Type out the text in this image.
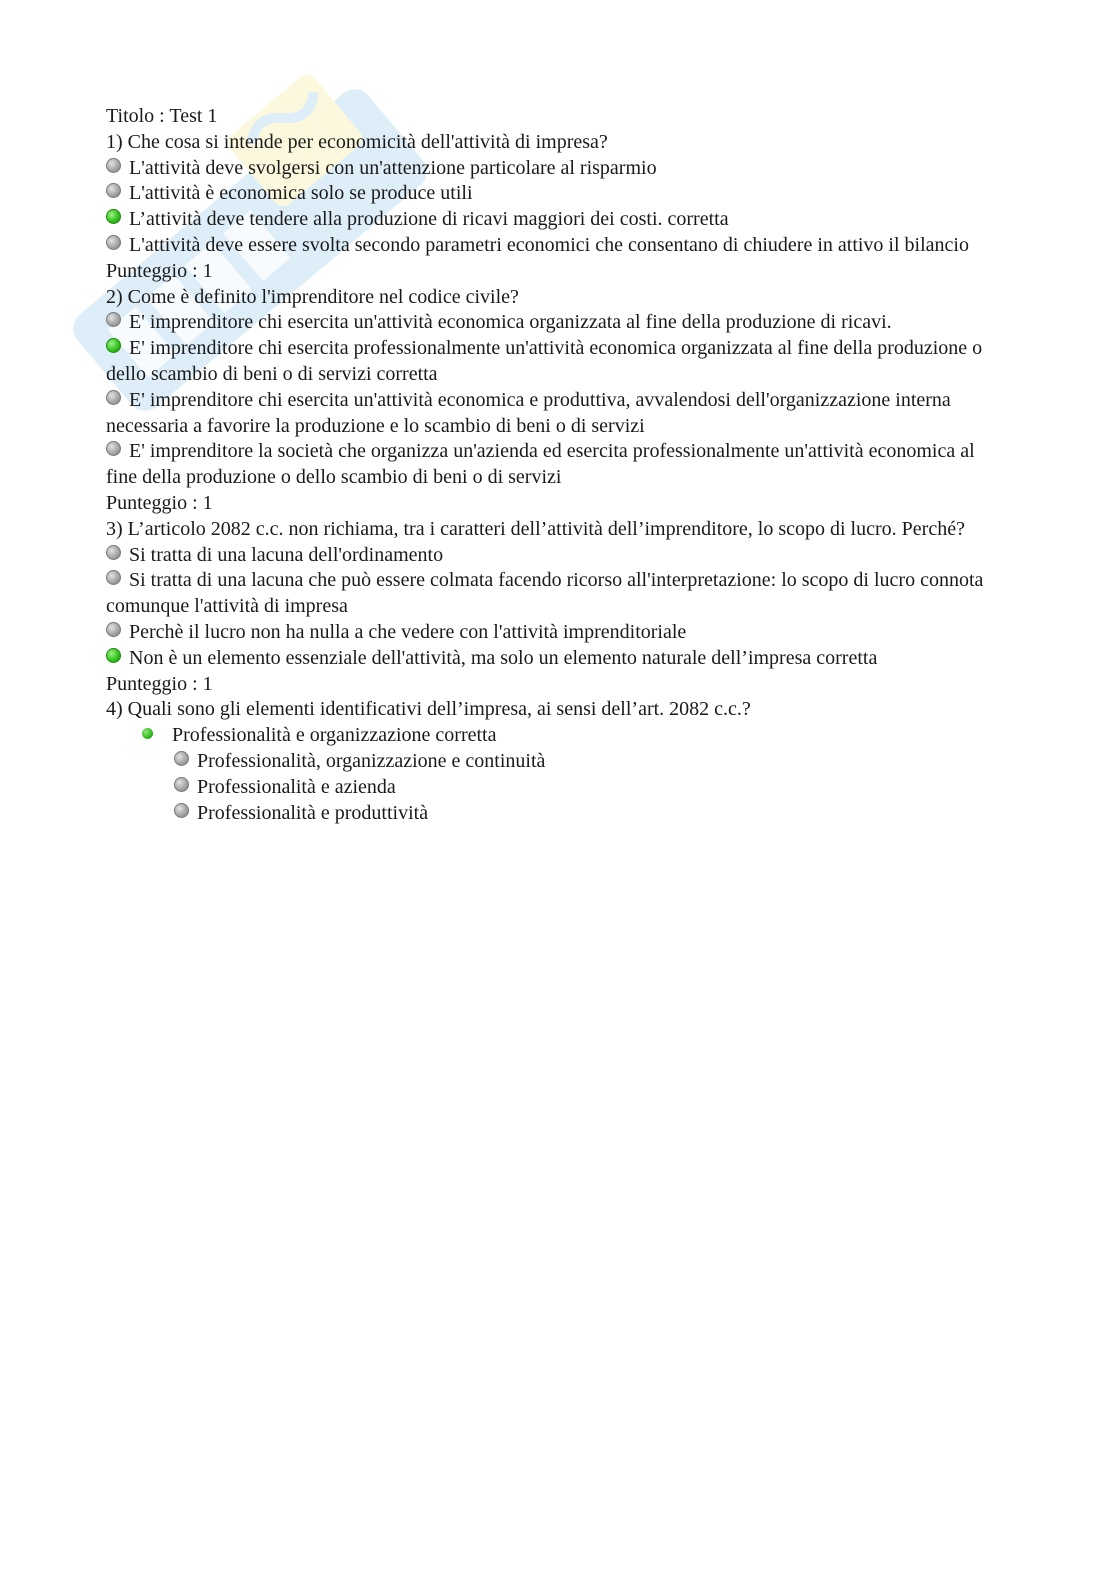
Titolo : Test 1
1) Che cosa si intende per economicità dell'attività di impresa?
L'attività deve svolgersi con un'attenzione particolare al risparmio
L'attività è economica solo se produce utili
L’attività deve tendere alla produzione di ricavi maggiori dei costi. corretta
L'attività deve essere svolta secondo parametri economici che consentano di chiudere in attivo il bilancio
Punteggio : 1
2) Come è definito l'imprenditore nel codice civile?
E' imprenditore chi esercita un'attività economica organizzata al fine della produzione di ricavi.
E' imprenditore chi esercita professionalmente un'attività economica organizzata al fine della produzione o dello scambio di beni o di servizi corretta
E' imprenditore chi esercita un'attività economica e produttiva, avvalendosi dell'organizzazione interna necessaria a favorire la produzione e lo scambio di beni o di servizi
E' imprenditore la società che organizza un'azienda ed esercita professionalmente un'attività economica al fine della produzione o dello scambio di beni o di servizi
Punteggio : 1
3) L’articolo 2082 c.c. non richiama, tra i caratteri dell’attività dell’imprenditore, lo scopo di lucro. Perché?
Si tratta di una lacuna dell'ordinamento
Si tratta di una lacuna che può essere colmata facendo ricorso all'interpretazione: lo scopo di lucro connota comunque l'attività di impresa
Perchè il lucro non ha nulla a che vedere con l'attività imprenditoriale
Non è un elemento essenziale dell'attività, ma solo un elemento naturale dell’impresa corretta
Punteggio : 1
4) Quali sono gli elementi identificativi dell’impresa, ai sensi dell’art. 2082 c.c.?
Professionalità e organizzazione corretta
Professionalità, organizzazione e continuità
Professionalità e azienda
Professionalità e produttività
